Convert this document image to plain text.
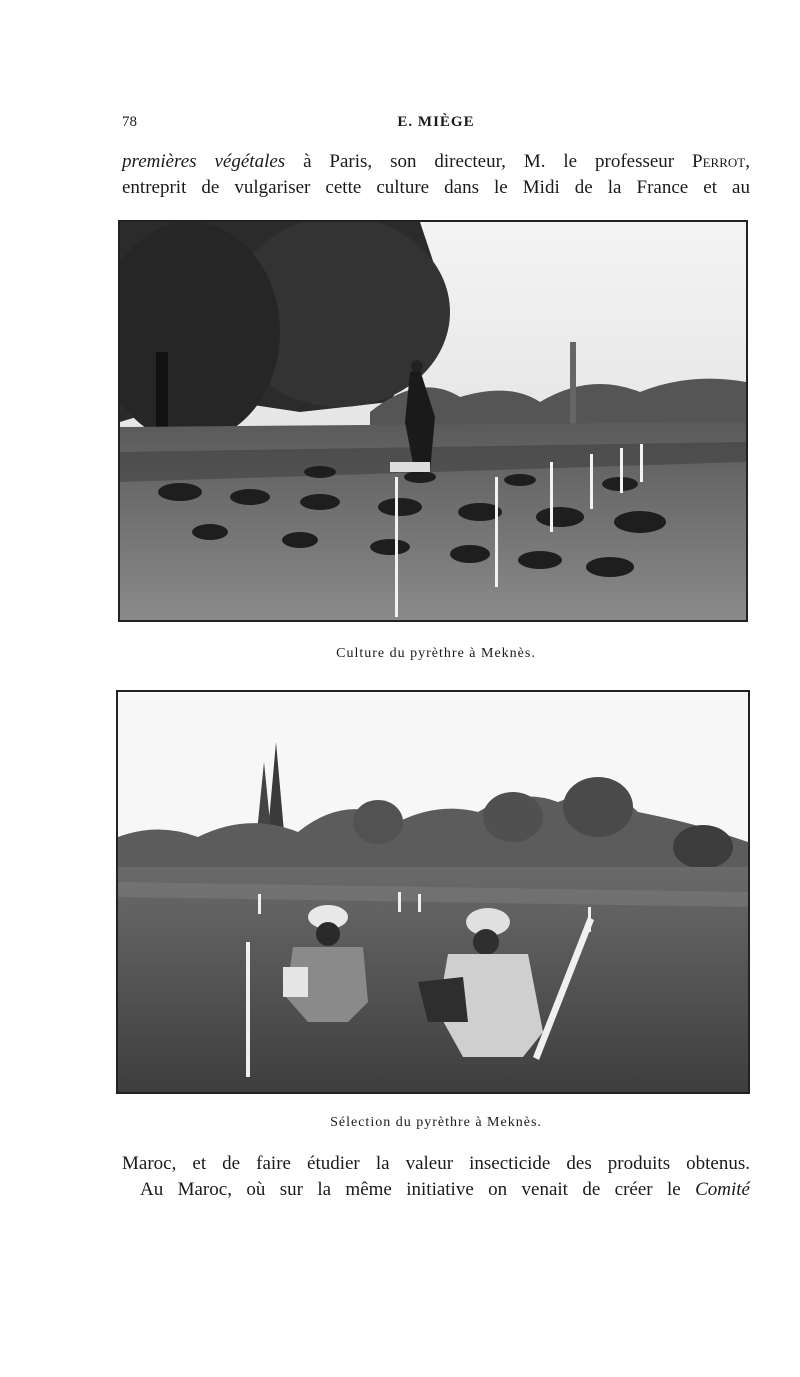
78	E. MIÈGE
premières végétales à Paris, son directeur, M. le professeur Perrot,
entreprit de vulgariser cette culture dans le Midi de la France et au
Culture du pyrèthre à Meknès.
Sélection du pyrèthre à Meknès.
Maroc, et de faire étudier la valeur insecticide des produits obtenus.
Au Maroc, où sur la même initiative on venait de créer le Comité
